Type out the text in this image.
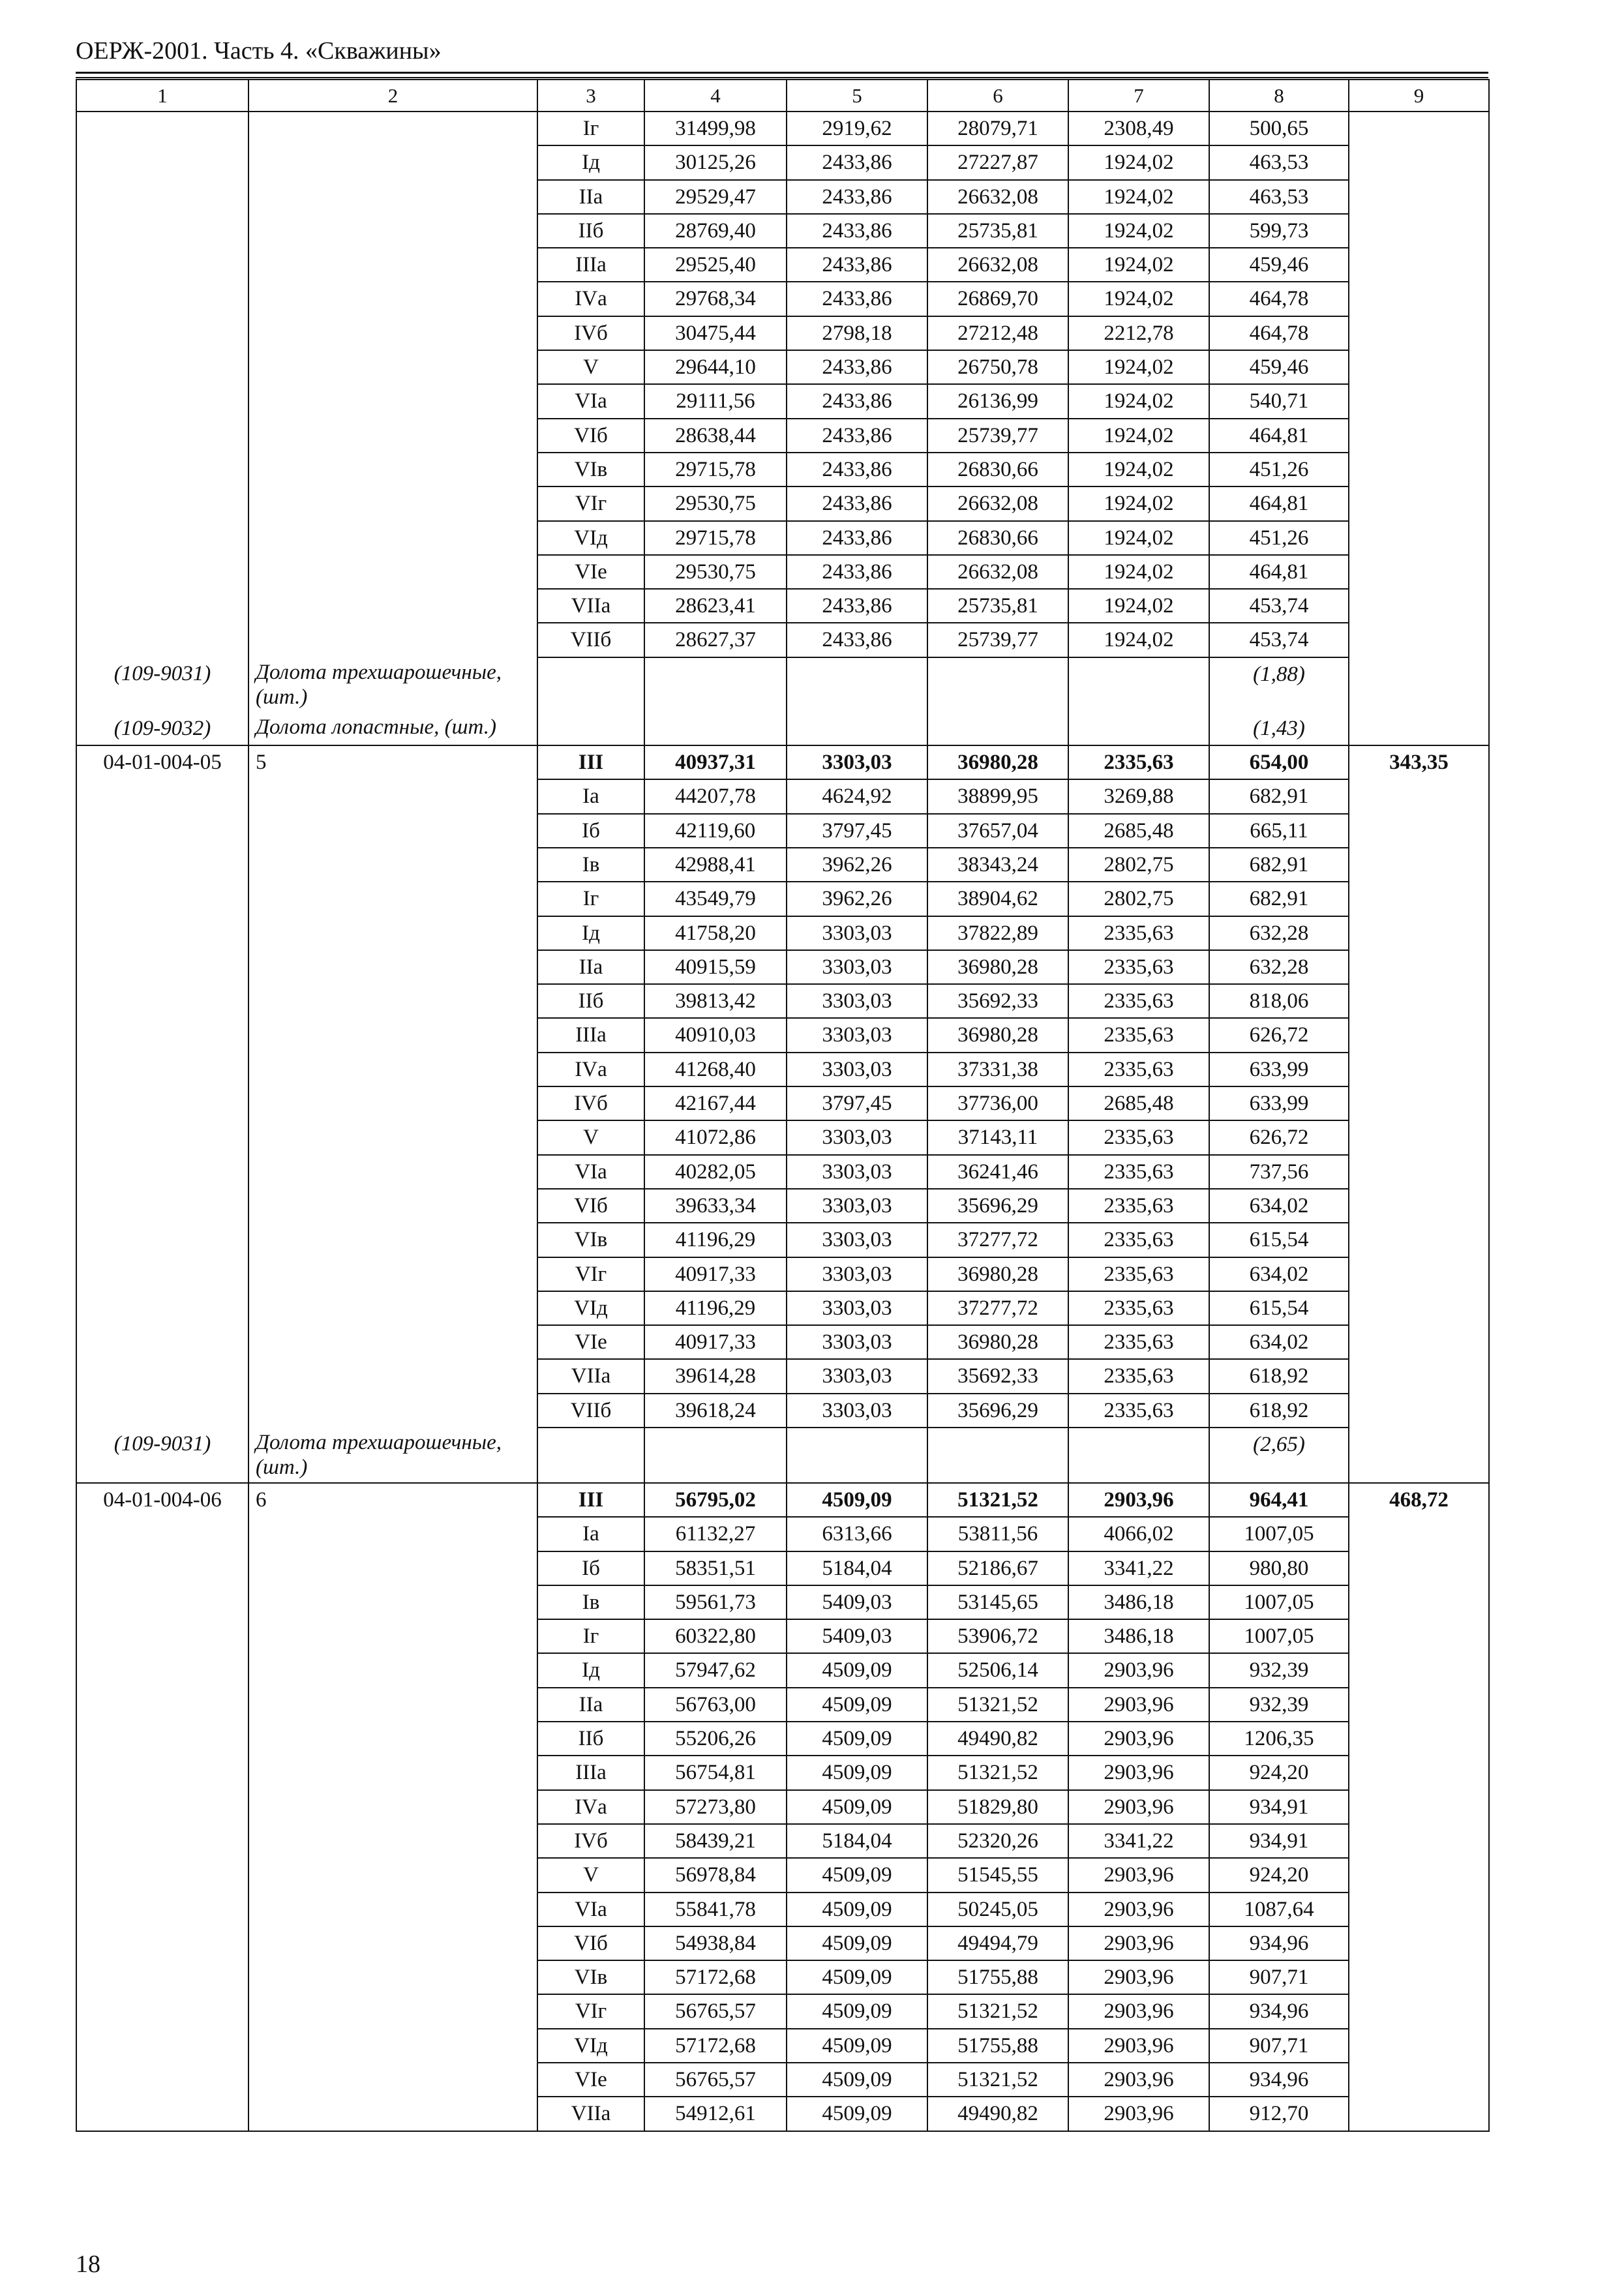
ОЕРЖ-2001. Часть 4. «Скважины»
1	2	3	4	5	6	7	8	9
		Iг	31499,98	2919,62	28079,71	2308,49	500,65	
		Iд	30125,26	2433,86	27227,87	1924,02	463,53	
		IIа	29529,47	2433,86	26632,08	1924,02	463,53	
		IIб	28769,40	2433,86	25735,81	1924,02	599,73	
		IIIа	29525,40	2433,86	26632,08	1924,02	459,46	
		IVа	29768,34	2433,86	26869,70	1924,02	464,78	
		IVб	30475,44	2798,18	27212,48	2212,78	464,78	
		V	29644,10	2433,86	26750,78	1924,02	459,46	
		VIа	29111,56	2433,86	26136,99	1924,02	540,71	
		VIб	28638,44	2433,86	25739,77	1924,02	464,81	
		VIв	29715,78	2433,86	26830,66	1924,02	451,26	
		VIг	29530,75	2433,86	26632,08	1924,02	464,81	
		VIд	29715,78	2433,86	26830,66	1924,02	451,26	
		VIе	29530,75	2433,86	26632,08	1924,02	464,81	
		VIIа	28623,41	2433,86	25735,81	1924,02	453,74	
		VIIб	28627,37	2433,86	25739,77	1924,02	453,74	
(109-9031)	Долота трехшарошечные, (шт.)						(1,88)	
(109-9032)	Долота лопастные, (шт.)						(1,43)	
04-01-004-05	5	III	40937,31	3303,03	36980,28	2335,63	654,00	343,35
		Iа	44207,78	4624,92	38899,95	3269,88	682,91	
		Iб	42119,60	3797,45	37657,04	2685,48	665,11	
		Iв	42988,41	3962,26	38343,24	2802,75	682,91	
		Iг	43549,79	3962,26	38904,62	2802,75	682,91	
		Iд	41758,20	3303,03	37822,89	2335,63	632,28	
		IIа	40915,59	3303,03	36980,28	2335,63	632,28	
		IIб	39813,42	3303,03	35692,33	2335,63	818,06	
		IIIа	40910,03	3303,03	36980,28	2335,63	626,72	
		IVа	41268,40	3303,03	37331,38	2335,63	633,99	
		IVб	42167,44	3797,45	37736,00	2685,48	633,99	
		V	41072,86	3303,03	37143,11	2335,63	626,72	
		VIа	40282,05	3303,03	36241,46	2335,63	737,56	
		VIб	39633,34	3303,03	35696,29	2335,63	634,02	
		VIв	41196,29	3303,03	37277,72	2335,63	615,54	
		VIг	40917,33	3303,03	36980,28	2335,63	634,02	
		VIд	41196,29	3303,03	37277,72	2335,63	615,54	
		VIе	40917,33	3303,03	36980,28	2335,63	634,02	
		VIIа	39614,28	3303,03	35692,33	2335,63	618,92	
		VIIб	39618,24	3303,03	35696,29	2335,63	618,92	
(109-9031)	Долота трехшарошечные, (шт.)						(2,65)	
04-01-004-06	6	III	56795,02	4509,09	51321,52	2903,96	964,41	468,72
		Iа	61132,27	6313,66	53811,56	4066,02	1007,05	
		Iб	58351,51	5184,04	52186,67	3341,22	980,80	
		Iв	59561,73	5409,03	53145,65	3486,18	1007,05	
		Iг	60322,80	5409,03	53906,72	3486,18	1007,05	
		Iд	57947,62	4509,09	52506,14	2903,96	932,39	
		IIа	56763,00	4509,09	51321,52	2903,96	932,39	
		IIб	55206,26	4509,09	49490,82	2903,96	1206,35	
		IIIа	56754,81	4509,09	51321,52	2903,96	924,20	
		IVа	57273,80	4509,09	51829,80	2903,96	934,91	
		IVб	58439,21	5184,04	52320,26	3341,22	934,91	
		V	56978,84	4509,09	51545,55	2903,96	924,20	
		VIа	55841,78	4509,09	50245,05	2903,96	1087,64	
		VIб	54938,84	4509,09	49494,79	2903,96	934,96	
		VIв	57172,68	4509,09	51755,88	2903,96	907,71	
		VIг	56765,57	4509,09	51321,52	2903,96	934,96	
		VIд	57172,68	4509,09	51755,88	2903,96	907,71	
		VIе	56765,57	4509,09	51321,52	2903,96	934,96	
		VIIа	54912,61	4509,09	49490,82	2903,96	912,70	
18
